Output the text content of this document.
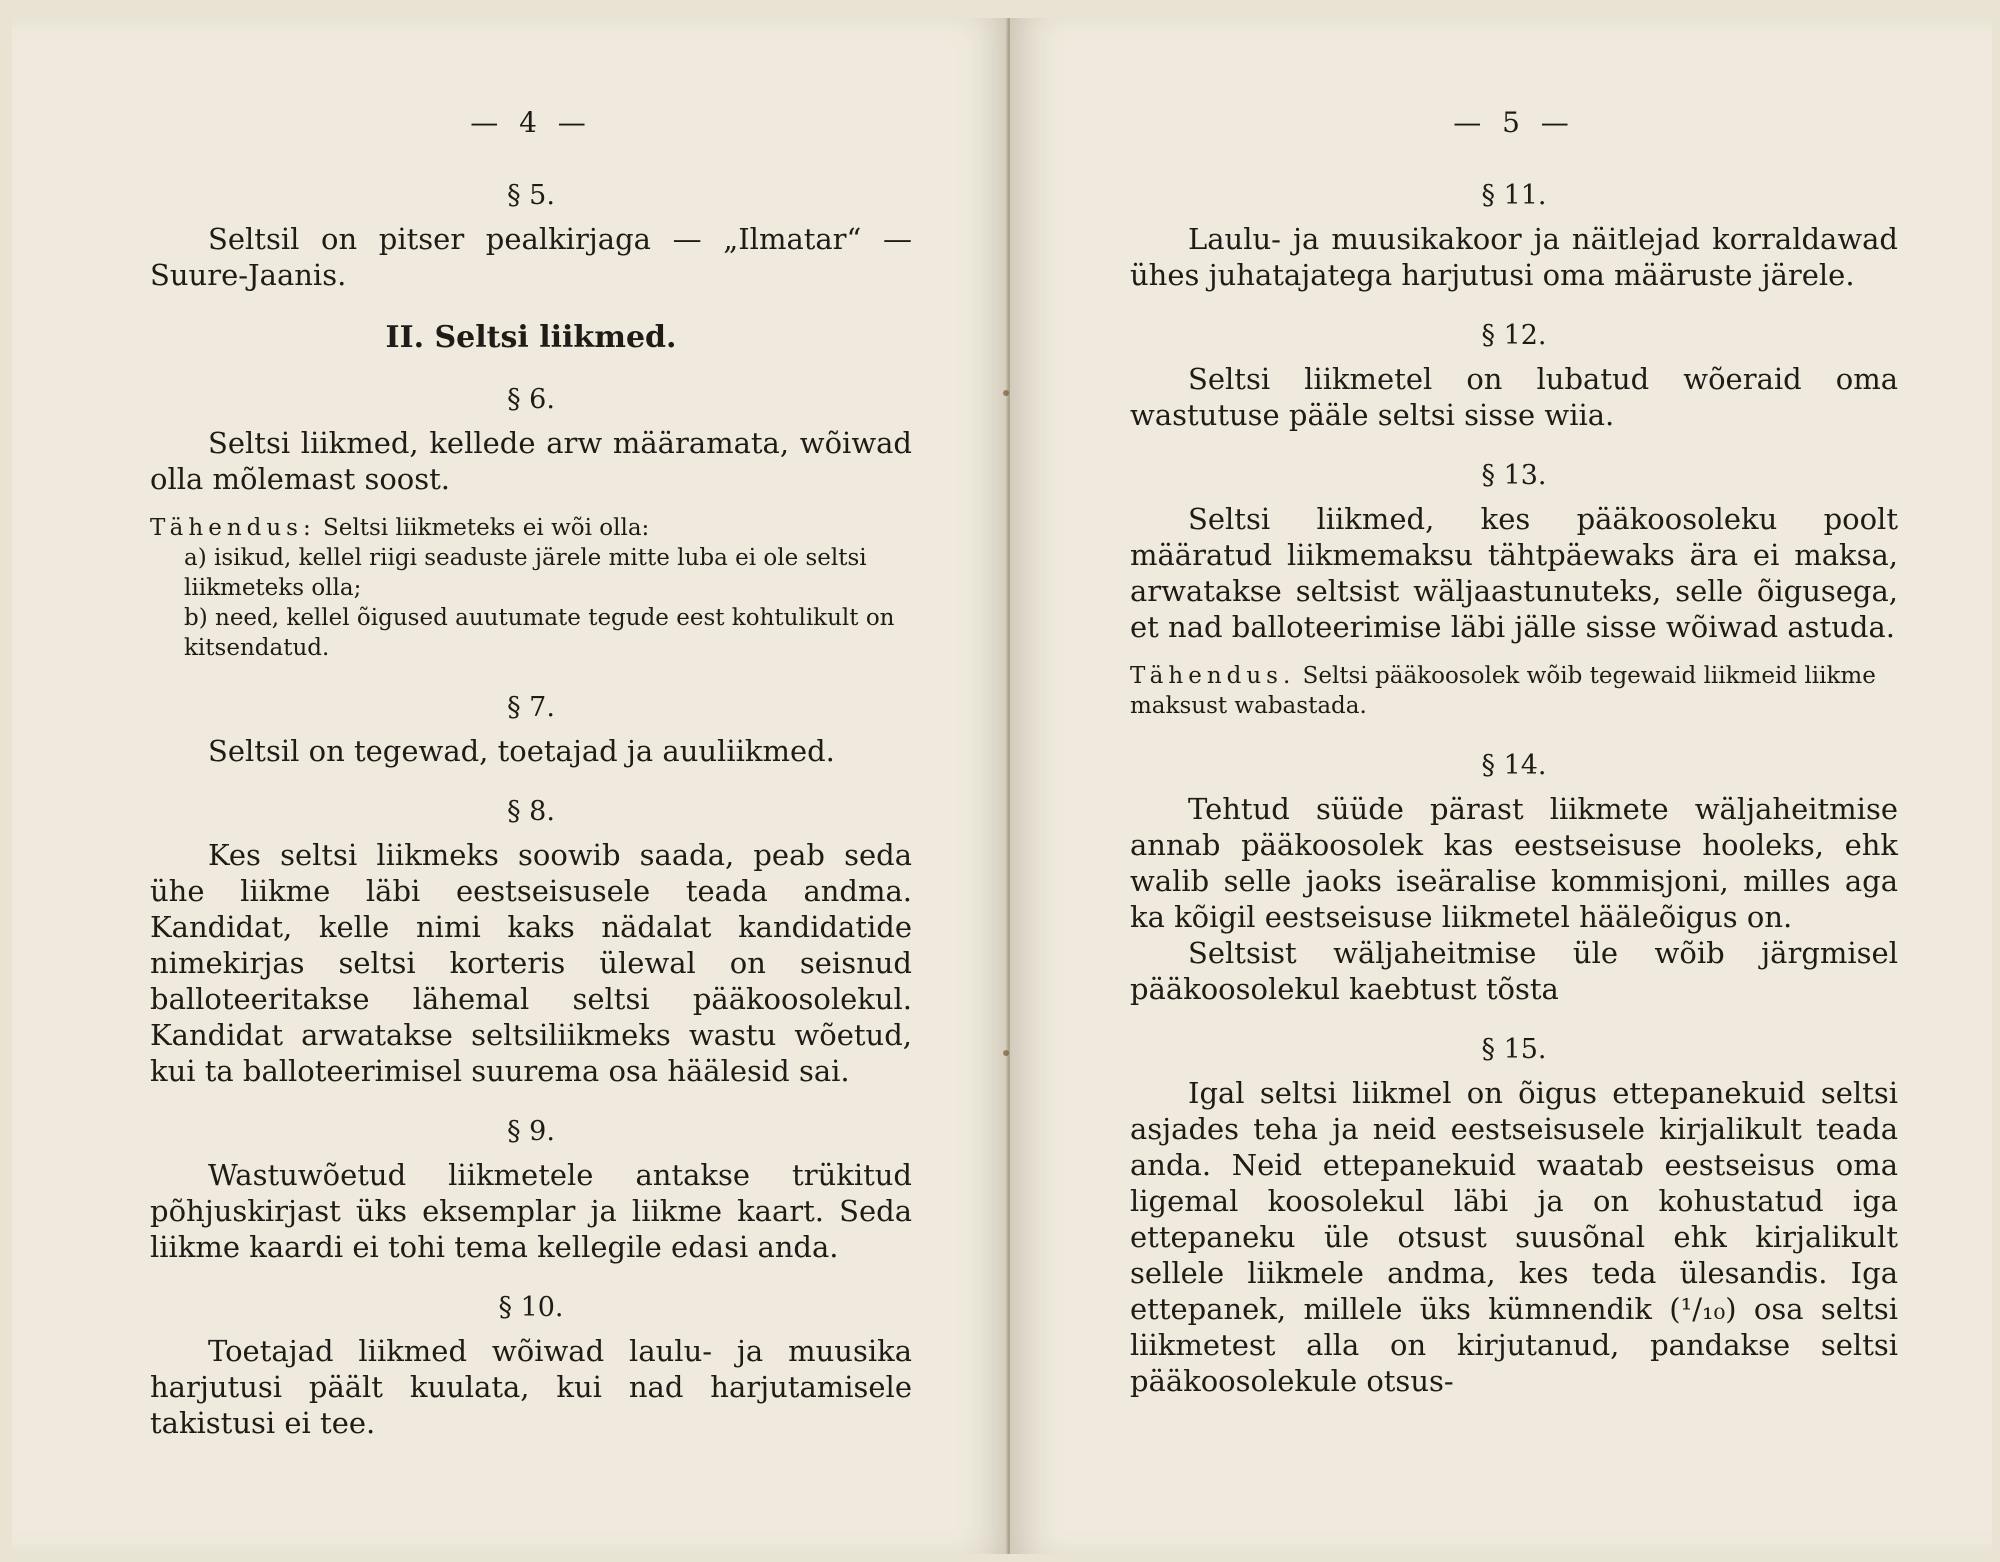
— 4 —
§ 5.

Seltsil on pitser pealkirjaga — „Ilmatar“ — Suure-Jaanis.

II. Seltsi liikmed.
§ 6.

Seltsi liikmed, kellede arw määramata, wõiwad olla mõlemast soost.

Tähendus: Seltsi liikmeteks ei wõi olla:
a) isikud, kellel riigi seaduste järele mitte luba ei ole seltsi liikmeteks olla;
b) need, kellel õigused auutumate tegude eest kohtulikult on kitsendatud.
§ 7.

Seltsil on tegewad, toetajad ja auuliikmed.

§ 8.

Kes seltsi liikmeks soowib saada, peab seda ühe liikme läbi eestseisusele teada andma. Kandidat, kelle nimi kaks nädalat kandidatide nimekirjas seltsi korteris ülewal on seisnud balloteeritakse lähemal seltsi pääkoosolekul. Kandidat arwatakse seltsiliikmeks wastu wõetud, kui ta balloteerimisel suurema osa häälesid sai.

§ 9.

Wastuwõetud liikmetele antakse trükitud põhjuskirjast üks eksemplar ja liikme kaart. Seda liikme kaardi ei tohi tema kellegile edasi anda.

§ 10.

Toetajad liikmed wõiwad laulu- ja muusika harjutusi päält kuulata, kui nad harjutamisele takistusi ei tee.

— 5 —
§ 11.

Laulu- ja muusikakoor ja näitlejad korraldawad ühes juhatajatega harjutusi oma määruste järele.

§ 12.

Seltsi liikmetel on lubatud wõeraid oma wastutuse pääle seltsi sisse wiia.

§ 13.

Seltsi liikmed, kes pääkoosoleku poolt määratud liikmemaksu tähtpäewaks ära ei maksa, arwatakse seltsist wäljaastunuteks, selle õigusega, et nad balloteerimise läbi jälle sisse wõiwad astuda.

Tähendus. Seltsi pääkoosolek wõib tegewaid liikmeid liikme maksust wabastada.
§ 14.

Tehtud süüde pärast liikmete wäljaheitmise annab pääkoosolek kas eestseisuse hooleks, ehk walib selle jaoks iseäralise kommisjoni, milles aga ka kõigil eestseisuse liikmetel hääleõigus on.

Seltsist wäljaheitmise üle wõib järgmisel pääkoosolekul kaebtust tõsta

§ 15.

Igal seltsi liikmel on õigus ettepanekuid seltsi asjades teha ja neid eestseisusele kirjalikult teada anda. Neid ettepanekuid waatab eestseisus oma ligemal koosolekul läbi ja on kohustatud iga ettepaneku üle otsust suusõnal ehk kirjalikult sellele liikmele andma, kes teda ülesandis. Iga ettepanek, millele üks kümnendik (¹/₁₀) osa seltsi liikmetest alla on kirjutanud, pandakse seltsi pääkoosolekule otsus-
